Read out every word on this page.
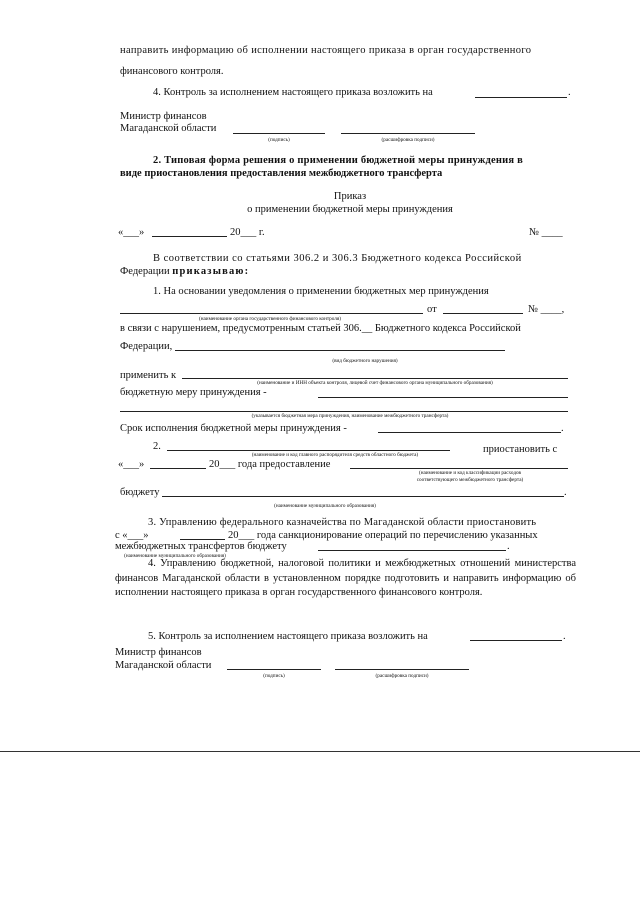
направить информацию об исполнении настоящего приказа в орган государственного
финансового контроля.
4. Контроль за исполнением настоящего приказа возложить на	.
Министр финансов
Магаданской области
(подпись)	(расшифровка подписи)
2. Типовая форма решения о применении бюджетной меры принуждения в
виде приостановления предоставления межбюджетного трансферта
Приказ
о применении бюджетной меры принуждения
«___»	20___ г.	№ ____
В соответствии со статьями 306.2 и 306.3 Бюджетного кодекса Российской
Федерации приказываю:
1. На основании уведомления о применении бюджетных мер принуждения
от	№ ____,
(наименование органа государственного финансового контроля)
в связи с нарушением, предусмотренным статьей 306.__ Бюджетного кодекса Российской
Федерации,
(вид бюджетного нарушения)
применить к
(наименование и ИНН объекта контроля, лицевой счет финансового органа муниципального образования)
бюджетную меру принуждения -
(указывается бюджетная мера принуждения, наименование межбюджетного трансферта)
Срок исполнения бюджетной меры принуждения -	.
2.	приостановить с
(наименование и код главного распорядителя средств областного бюджета)
«___»	20___ года предоставление
(наименование и код классификации расходов
соответствующего межбюджетного трансферта)
бюджету	.
(наименование муниципального образования)
3. Управлению федерального казначейства по Магаданской области приостановить
с «___»	20___ года санкционирование операций по перечислению указанных
межбюджетных трансфертов бюджету	.
(наименование муниципального образования)
4. Управлению бюджетной, налоговой политики и межбюджетных отношений министерства финансов Магаданской области в установленном порядке подготовить и направить информацию об исполнении настоящего приказа в орган государственного финансового контроля.
5. Контроль за исполнением настоящего приказа возложить на	.
Министр финансов
Магаданской области
(подпись)	(расшифровка подписи)
